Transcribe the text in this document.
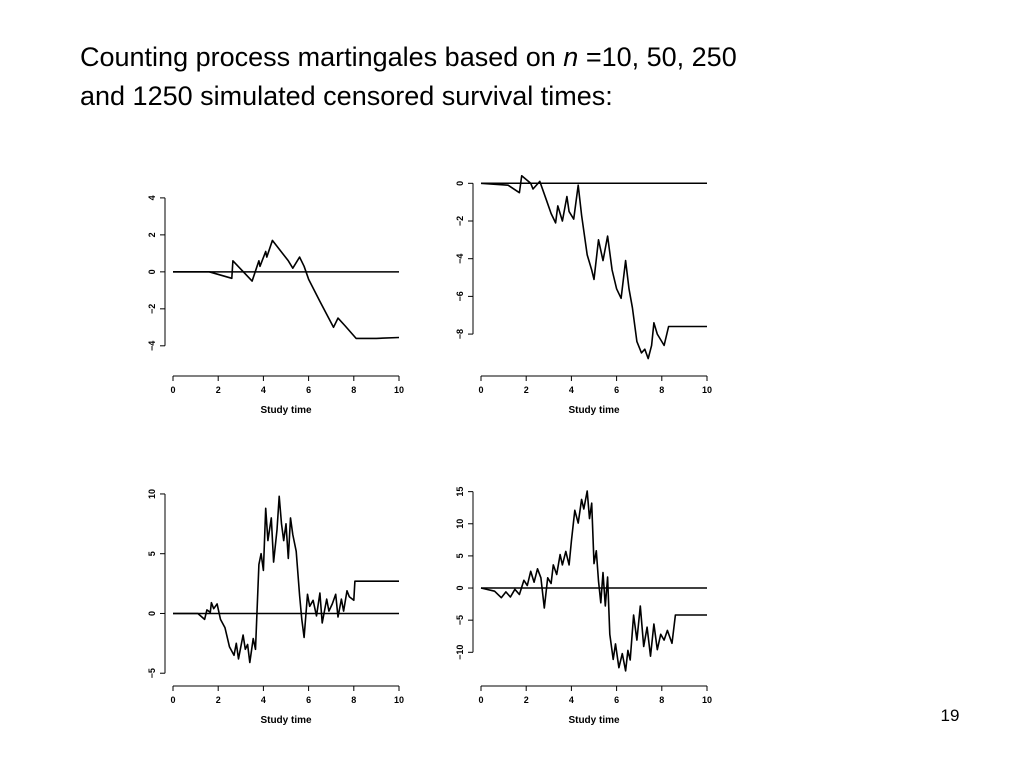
Counting process martingales based on n =10, 50, 250
and 1250 simulated censored survival times:
0	2	4	6	8	10
−4
−2
0
2
4
Study time
0	2	4	6	8	10
−8
−6
−4
−2
0
Study time
0	2	4	6	8	10
−5
0
5
10
Study time
0	2	4	6	8	10
−10
−5
0
5
10
15
Study time	19
